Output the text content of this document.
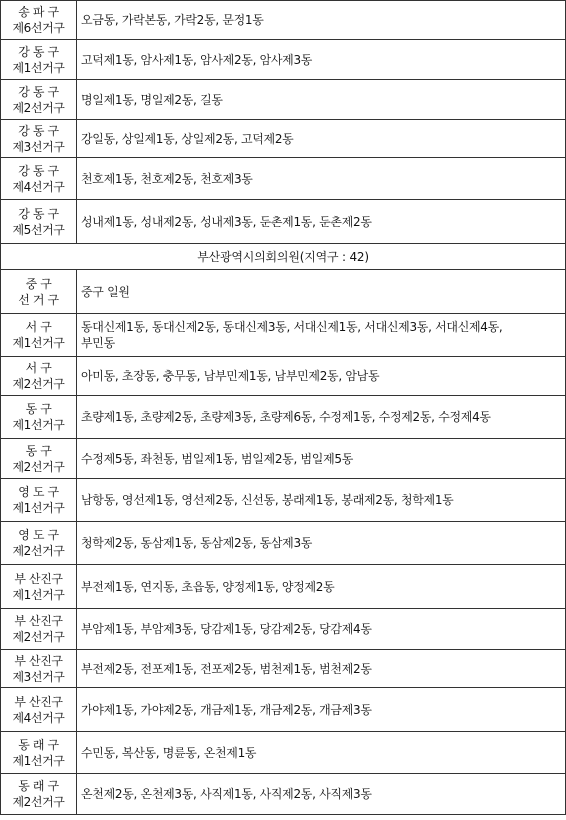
송 파 구
제6선거구	오금동, 가락본동, 가락2동, 문정1동

강 동 구
제1선거구	고덕제1동, 암사제1동, 암사제2동, 암사제3동

강 동 구
제2선거구	명일제1동, 명일제2동, 길동

강 동 구
제3선거구	강일동, 상일제1동, 상일제2동, 고덕제2동

강 동 구
제4선거구	천호제1동, 천호제2동, 천호제3동

강 동 구
제5선거구	성내제1동, 성내제2동, 성내제3동, 둔촌제1동, 둔촌제2동
부산광역시의회의원(지역구 : 42)	

중 구
선 거 구	중구 일원

서 구
제1선거구	동대신제1동, 동대신제2동, 동대신제3동, 서대신제1동, 서대신제3동, 서대신제4동,
부민동

서 구
제2선거구	아미동, 초장동, 충무동, 남부민제1동, 남부민제2동, 암남동

동 구
제1선거구	초량제1동, 초량제2동, 초량제3동, 초량제6동, 수정제1동, 수정제2동, 수정제4동

동 구
제2선거구	수정제5동, 좌천동, 범일제1동, 범일제2동, 범일제5동

영 도 구
제1선거구	남항동, 영선제1동, 영선제2동, 신선동, 봉래제1동, 봉래제2동, 청학제1동

영 도 구
제2선거구	청학제2동, 동삼제1동, 동삼제2동, 동삼제3동

부 산진구
제1선거구	부전제1동, 연지동, 초읍동, 양정제1동, 양정제2동

부 산진구
제2선거구	부암제1동, 부암제3동, 당감제1동, 당감제2동, 당감제4동

부 산진구
제3선거구	부전제2동, 전포제1동, 전포제2동, 범천제1동, 범천제2동

부 산진구
제4선거구	가야제1동, 가야제2동, 개금제1동, 개금제2동, 개금제3동

동 래 구
제1선거구	수민동, 복산동, 명륜동, 온천제1동

동 래 구
제2선거구	온천제2동, 온천제3동, 사직제1동, 사직제2동, 사직제3동
